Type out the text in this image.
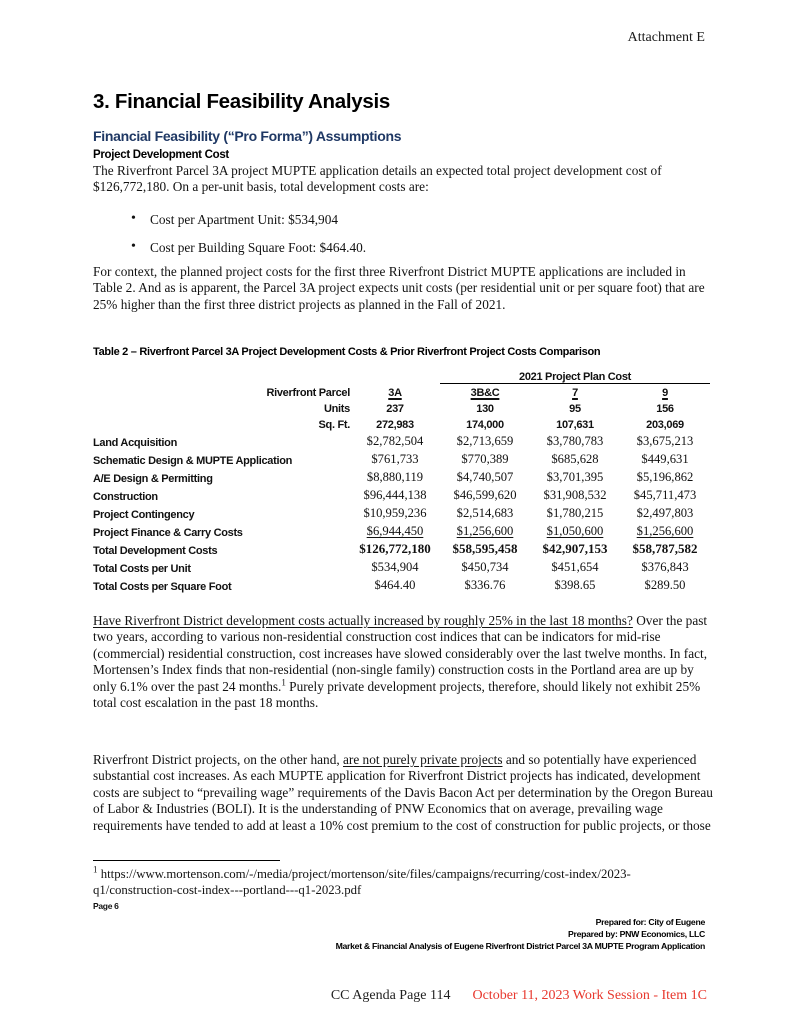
Attachment E
3. Financial Feasibility Analysis
Financial Feasibility (“Pro Forma”) Assumptions
Project Development Cost

The Riverfront Parcel 3A project MUPTE application details an expected total project development cost of $126,772,180. On a per-unit basis, total development costs are:

• Cost per Apartment Unit: $534,904
• Cost per Building Square Foot: $464.40.

For context, the planned project costs for the first three Riverfront District MUPTE applications are included in Table 2. And as is apparent, the Parcel 3A project expects unit costs (per residential unit or per square foot) that are 25% higher than the first three district projects as planned in the Fall of 2021.

Table 2 – Riverfront Parcel 3A Project Development Costs & Prior Riverfront Project Costs Comparison
		2021 Project Plan Cost		
Riverfront Parcel	3A	3B&C	7	9
Units	237	130	95	156
Sq. Ft.	272,983	174,000	107,631	203,069
Land Acquisition	$2,782,504	$2,713,659	$3,780,783	$3,675,213
Schematic Design & MUPTE Application	$761,733	$770,389	$685,628	$449,631
A/E Design & Permitting	$8,880,119	$4,740,507	$3,701,395	$5,196,862
Construction	$96,444,138	$46,599,620	$31,908,532	$45,711,473
Project Contingency	$10,959,236	$2,514,683	$1,780,215	$2,497,803
Project Finance & Carry Costs	$6,944,450	$1,256,600	$1,050,600	$1,256,600
Total Development Costs	$126,772,180	$58,595,458	$42,907,153	$58,787,582
Total Costs per Unit	$534,904	$450,734	$451,654	$376,843
Total Costs per Square Foot	$464.40	$336.76	$398.65	$289.50

Have Riverfront District development costs actually increased by roughly 25% in the last 18 months? Over the past two years, according to various non-residential construction cost indices that can be indicators for mid-rise (commercial) residential construction, cost increases have slowed considerably over the last twelve months. In fact, Mortensen’s Index finds that non-residential (non-single family) construction costs in the Portland area are up by only 6.1% over the past 24 months.$^1$ Purely private development projects, therefore, should likely not exhibit 25% total cost escalation in the past 18 months.

Riverfront District projects, on the other hand, are not purely private projects and so potentially have experienced substantial cost increases. As each MUPTE application for Riverfront District projects has indicated, development costs are subject to “prevailing wage” requirements of the Davis Bacon Act per determination by the Oregon Bureau of Labor & Industries (BOLI). It is the understanding of PNW Economics that on average, prevailing wage requirements have tended to add at least a 10% cost premium to the cost of construction for public projects, or those

$^1$ https://www.mortenson.com/-/media/project/mortenson/site/files/campaigns/recurring/cost-index/2023-q1/construction-cost-index---portland---q1-2023.pdf

Page 6
Prepared for: City of Eugene
Prepared by: PNW Economics, LLC
Market & Financial Analysis of Eugene Riverfront District Parcel 3A MUPTE Program Application
CC Agenda Page 114 October 11, 2023 Work Session - Item 1C
